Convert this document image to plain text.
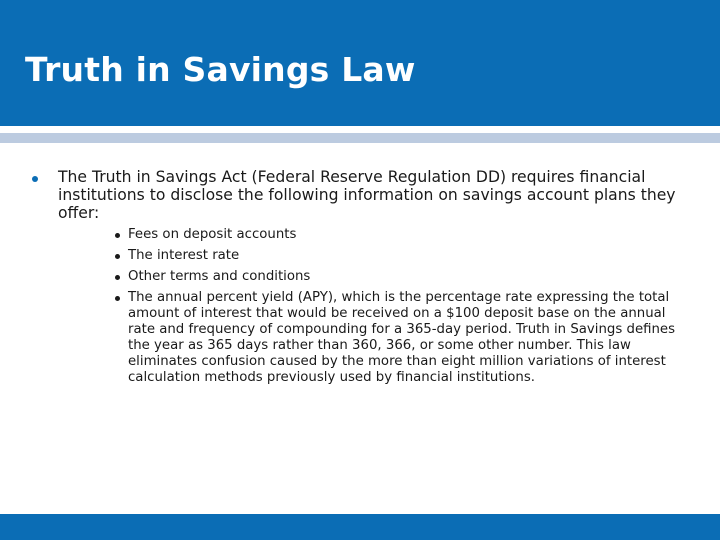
Truth in Savings Law
The Truth in Savings Act (Federal Reserve Regulation DD) requires financial institutions to disclose the following information on savings account plans they offer:
Fees on deposit accounts
The interest rate
Other terms and conditions
The annual percent yield (APY), which is the percentage rate expressing the total amount of interest that would be received on a $100 deposit base on the annual rate and frequency of compounding for a 365-day period. Truth in Savings defines the year as 365 days rather than 360, 366, or some other number. This law eliminates confusion caused by the more than eight million variations of interest calculation methods previously used by financial institutions.
